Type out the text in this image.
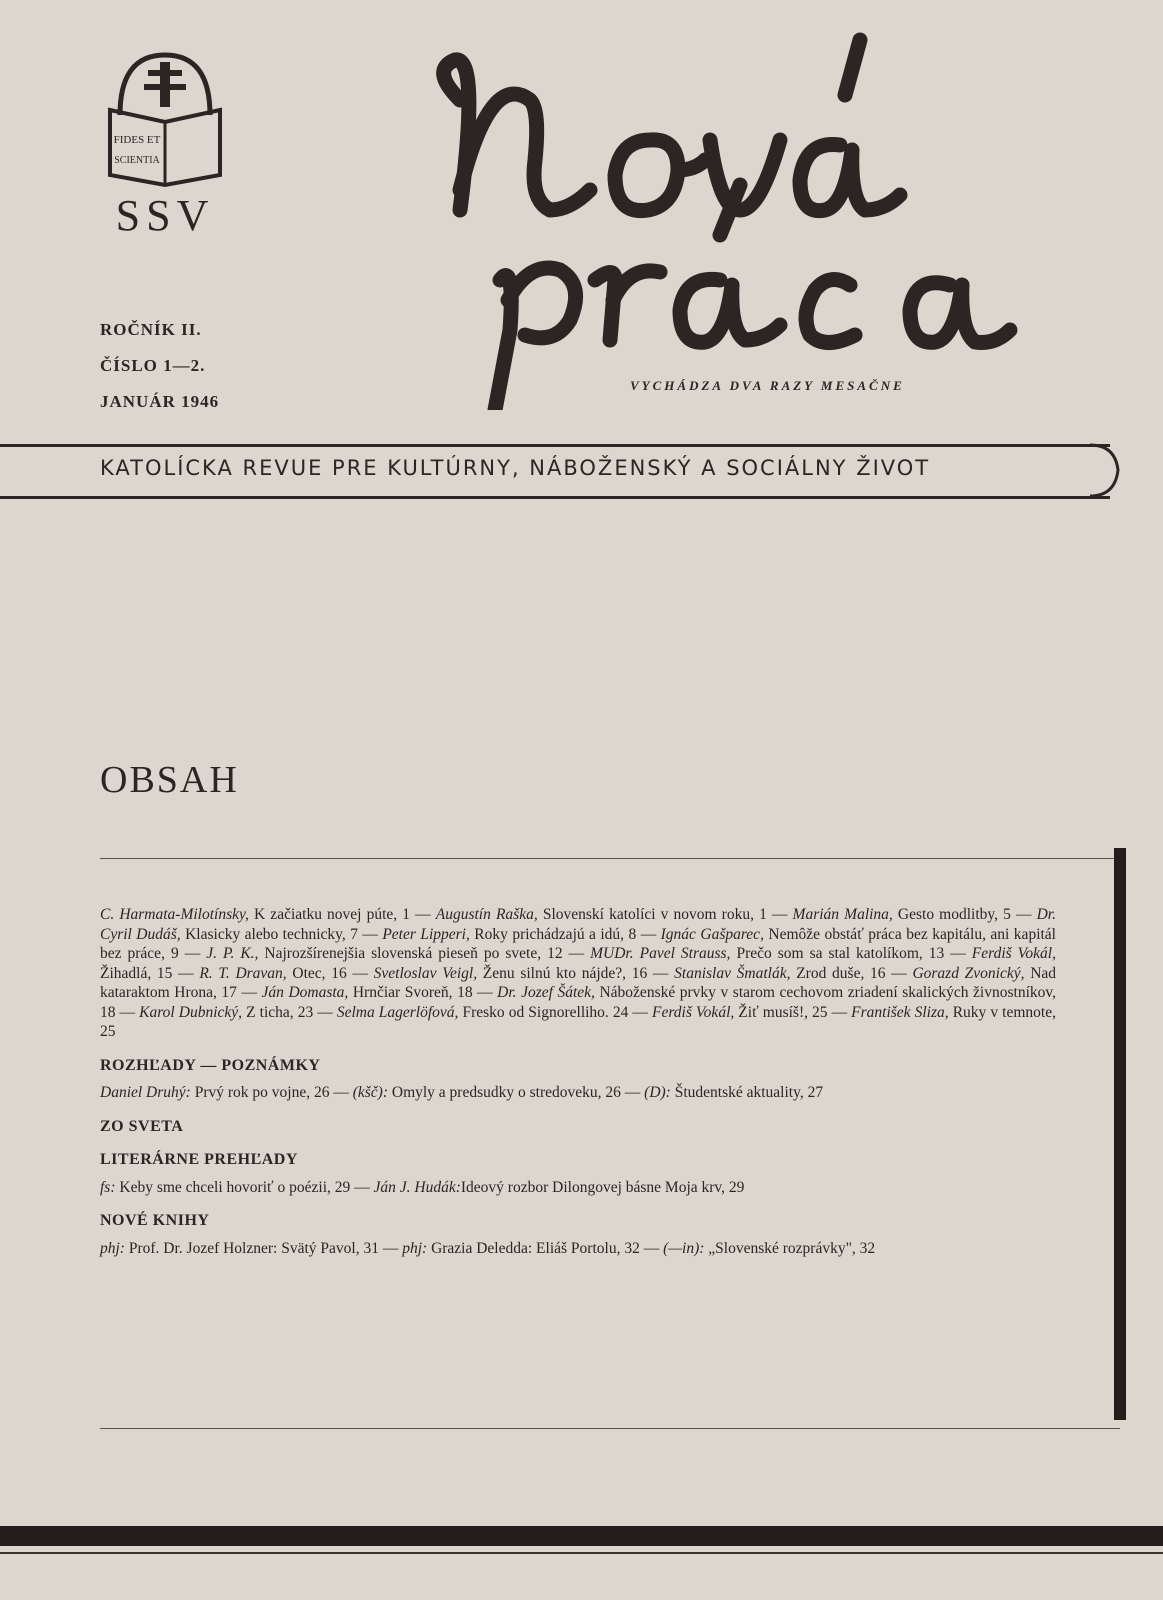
FIDES ET
SCIENTIA
SSV
ROČNÍK II.
ČÍSLO 1—2.
JANUÁR 1946
VYCHÁDZA DVA RAZY MESAČNE
KATOLÍCKA REVUE PRE KULTÚRNY, NÁBOŽENSKÝ A SOCIÁLNY ŽIVOT
OBSAH

C. Harmata-Milotínsky, K začiatku novej púte, 1 — Augustín Raška, Slovenskí katolíci v novom roku, 1 — Marián Malina, Gesto modlitby, 5 — Dr. Cyril Dudáš, Klasicky alebo technicky, 7 — Peter Lipperi, Roky prichádzajú a idú, 8 — Ignác Gašparec, Nemôže obstáť práca bez kapitálu, ani kapitál bez práce, 9 — J. P. K., Najrozšírenejšia slovenská pieseň po svete, 12 — MUDr. Pavel Strauss, Prečo som sa stal katolíkom, 13 — Ferdiš Vokál, Žihadlá, 15 — R. T. Dravan, Otec, 16 — Svetloslav Veigl, Ženu silnú kto nájde?, 16 — Stanislav Šmatlák, Zrod duše, 16 — Gorazd Zvonický, Nad kataraktom Hrona, 17 — Ján Domasta, Hrnčiar Svoreň, 18 — Dr. Jozef Šátek, Náboženské prvky v starom cechovom zriadení skalických živnostníkov, 18 — Karol Dubnický, Z ticha, 23 — Selma Lagerlöfová, Fresko od Signorelliho. 24 — Ferdiš Vokál, Žiť musíš!, 25 — František Sliza, Ruky v temnote, 25

ROZHĽADY — POZNÁMKY

Daniel Druhý: Prvý rok po vojne, 26 — (kšč): Omyly a predsudky o stredoveku, 26 — (D): Študentské aktuality, 27

ZO SVETA
LITERÁRNE PREHĽADY

fs: Keby sme chceli hovoriť o poézii, 29 — Ján J. Hudák:Ideový rozbor Dilongovej básne Moja krv, 29

NOVÉ KNIHY

phj: Prof. Dr. Jozef Holzner: Svätý Pavol, 31 — phj: Grazia Deledda: Eliáš Portolu, 32 — (—in): „Slovenské rozprávky", 32
